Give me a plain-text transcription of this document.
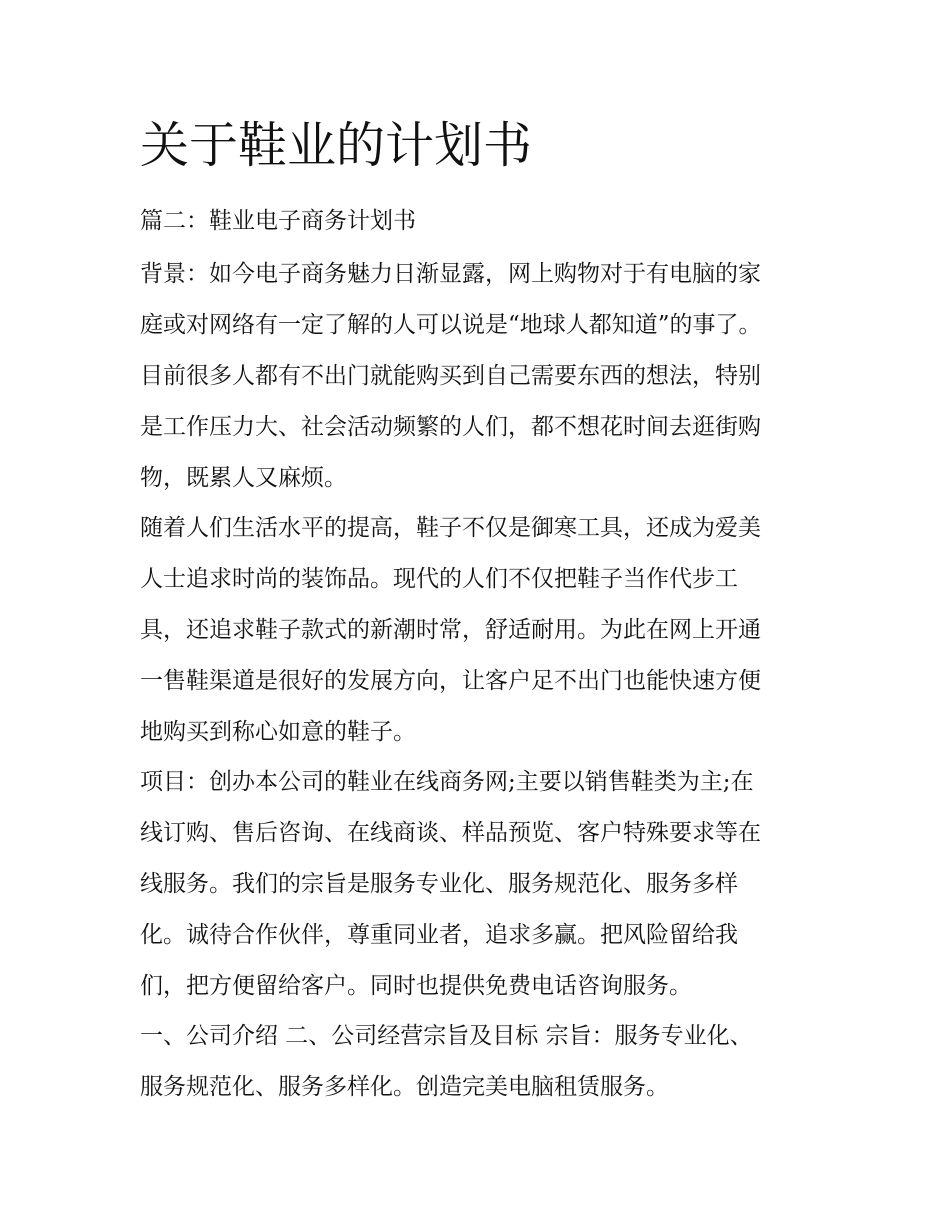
关于鞋业的计划书

篇二：鞋业电子商务计划书

背景：如今电子商务魅力日渐显露，网上购物对于有电脑的家
庭或对网络有一定了解的人可以说是“地球人都知道”的事了。
目前很多人都有不出门就能购买到自己需要东西的想法，特别
是工作压力大、社会活动频繁的人们，都不想花时间去逛街购
物，既累人又麻烦。
随着人们生活水平的提高，鞋子不仅是御寒工具，还成为爱美
人士追求时尚的装饰品。现代的人们不仅把鞋子当作代步工
具，还追求鞋子款式的新潮时常，舒适耐用。为此在网上开通
一售鞋渠道是很好的发展方向，让客户足不出门也能快速方便
地购买到称心如意的鞋子。
项目：创办本公司的鞋业在线商务网;主要以销售鞋类为主;在
线订购、售后咨询、在线商谈、样品预览、客户特殊要求等在
线服务。我们的宗旨是服务专业化、服务规范化、服务多样
化。诚待合作伙伴，尊重同业者，追求多赢。把风险留给我
们，把方便留给客户。同时也提供免费电话咨询服务。
一、公司介绍 二、公司经营宗旨及目标 宗旨：服务专业化、
服务规范化、服务多样化。创造完美电脑租赁服务。
